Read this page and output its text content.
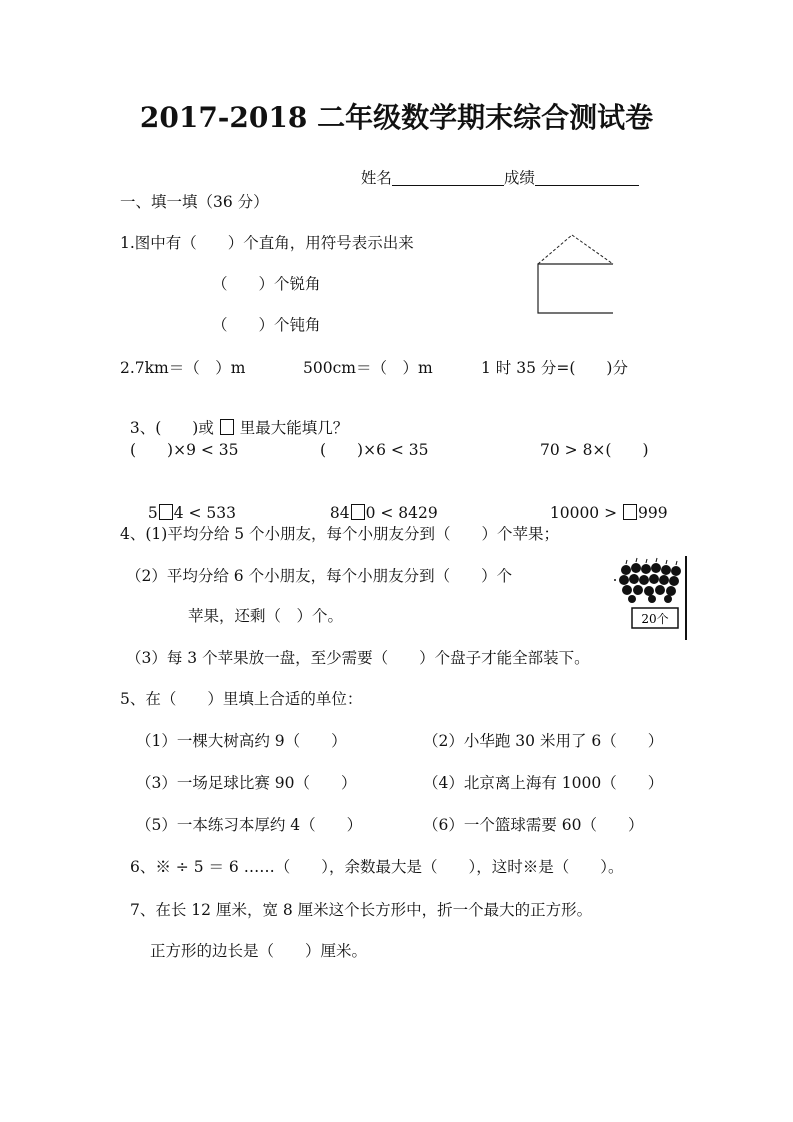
2017-2018 二年级数学期末综合测试卷

姓名	成绩

一、填一填（36 分）
1.图中有（　　）个直角，用符号表示出来
（　　）个锐角
（　　）个钝角
2.7km＝（　）m	500cm＝（　）m	1 时 35 分=(　　)分

3、(　　)或 里最大能填几？

(　　)×9 < 35	(　　)×6 < 35	70 > 8×(　　)

5 4 < 533	84 0 < 8429	10000 > 999

4、(1)平均分给 5 个小朋友，每个小朋友分到（　　）个苹果；
（2）平均分给 6 个小朋友，每个小朋友分到（　　）个
苹果，还剩（　）个。
（3）每 3 个苹果放一盘，至少需要（　　）个盘子才能全部装下。
20个
5、在（　　）里填上合适的单位：
（1）一棵大树高约 9（　　）	（2）小华跑 30 米用了 6（　　）
（3）一场足球比赛 90（　　）	（4）北京离上海有 1000（　　）
（5）一本练习本厚约 4（　　）	（6）一个篮球需要 60（　　）
6、※ ÷ 5 ＝ 6 ……（　　），余数最大是（　　），这时※是（　　）。
7、在长 12 厘米，宽 8 厘米这个长方形中，折一个最大的正方形。
正方形的边长是（　　）厘米。
